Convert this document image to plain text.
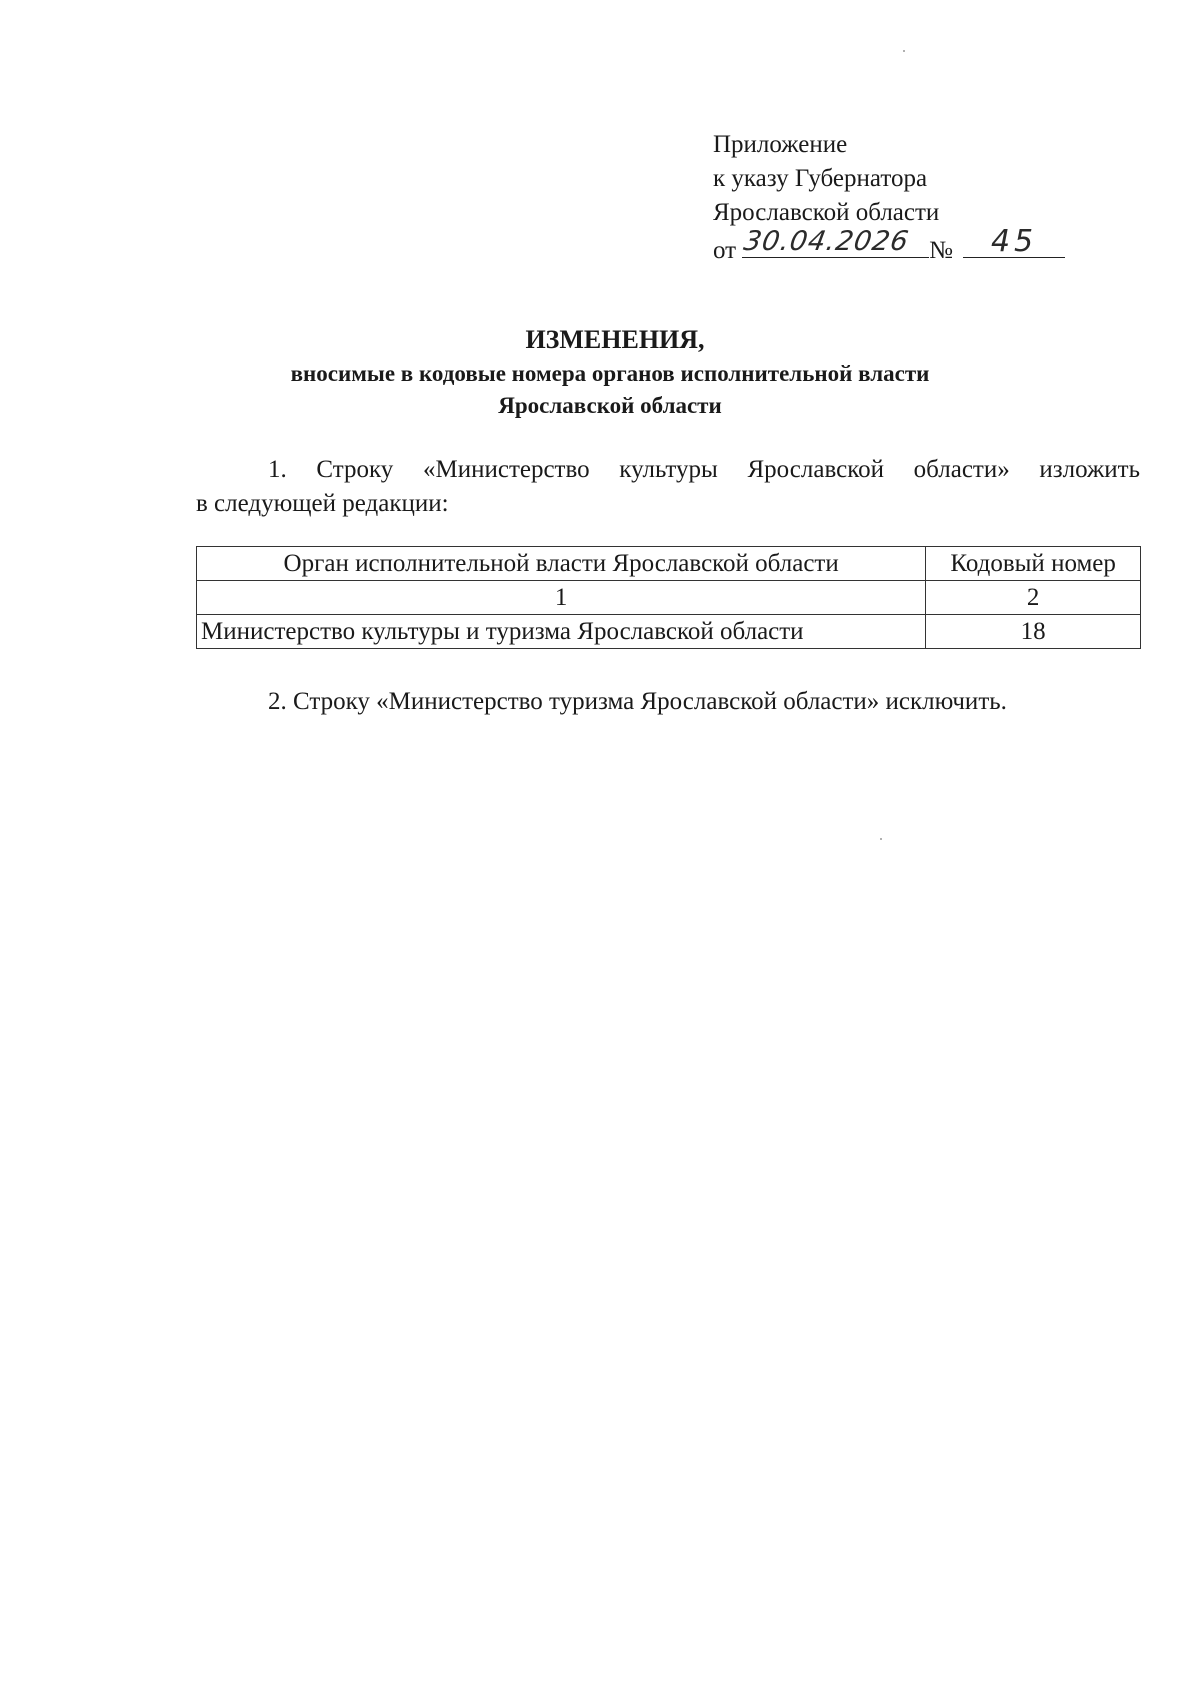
Приложение
к указу Губернатора
Ярославской области
от 30.04.2026 № 45
ИЗМЕНЕНИЯ,
вносимые в кодовые номера органов исполнительной власти
Ярославской области
1. Строку «Министерство культуры Ярославской области» изложить
в следующей редакции:
Орган исполнительной власти Ярославской области	Кодовый номер
1	2
Министерство культуры и туризма Ярославской области	18
2. Строку «Министерство туризма Ярославской области» исключить.
